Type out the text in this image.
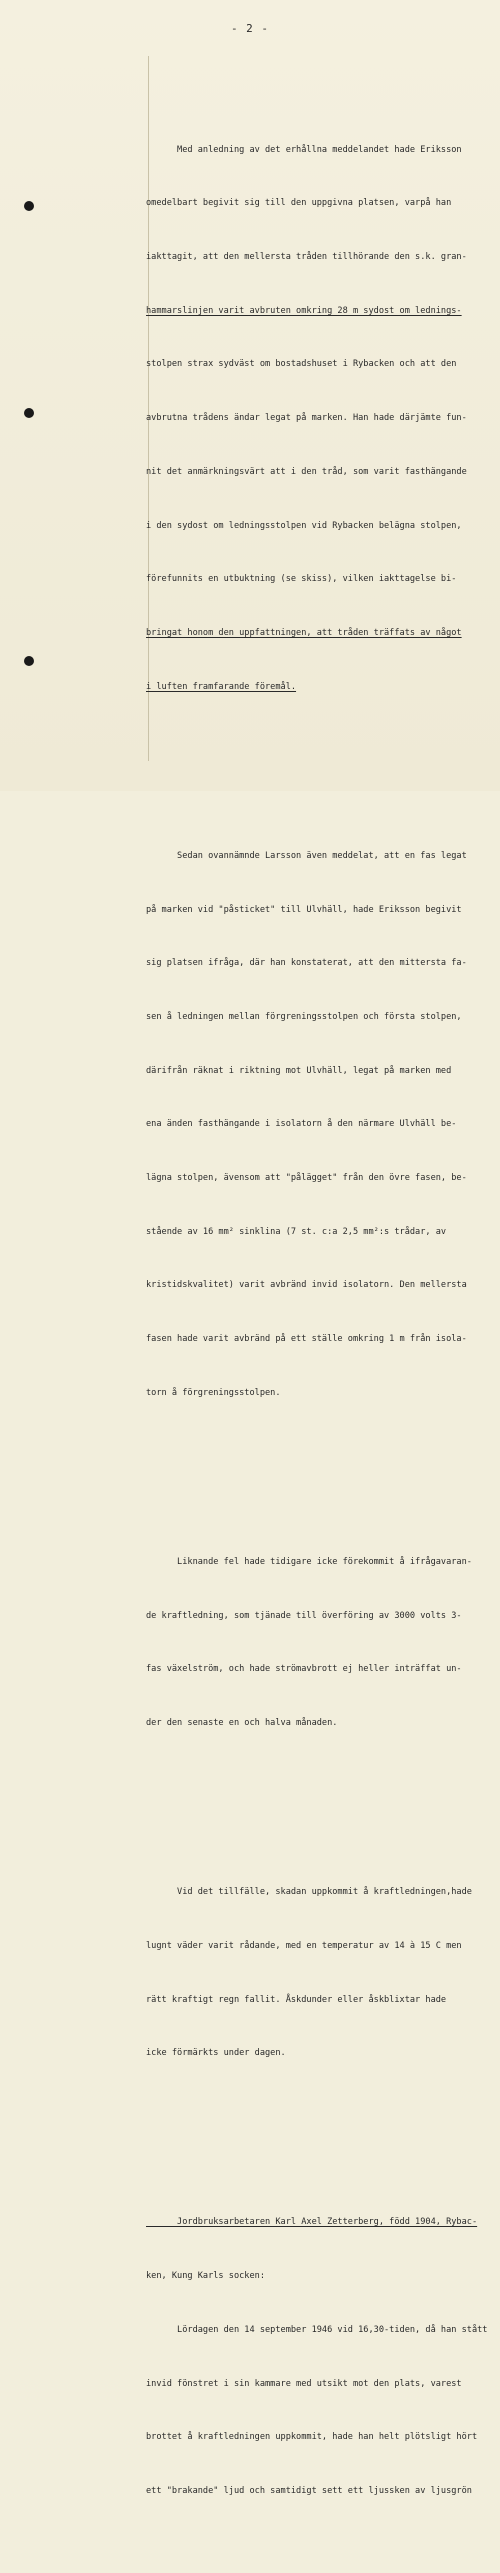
- 2 -

Med anledning av det erhållna meddelandet hade Eriksson

omedelbart begivit sig till den uppgivna platsen, varpå han

iakttagit, att den mellersta tråden tillhörande den s.k. gran-

hammarslinjen varit avbruten omkring 28 m sydost om lednings-

stolpen strax sydväst om bostadshuset i Rybacken och att den

avbrutna trådens ändar legat på marken. Han hade därjämte fun-

nit det anmärkningsvärt att i den tråd, som varit fasthängande

i den sydost om ledningsstolpen vid Rybacken belägna stolpen,

förefunnits en utbuktning (se skiss), vilken iakttagelse bi-

bringat honom den uppfattningen, att tråden träffats av något

i luften framfarande föremål.

Sedan ovannämnde Larsson även meddelat, att en fas legat

på marken vid "påsticket" till Ulvhäll, hade Eriksson begivit

sig platsen ifråga, där han konstaterat, att den mittersta fa-

sen å ledningen mellan förgreningsstolpen och första stolpen,

därifrån räknat i riktning mot Ulvhäll, legat på marken med

ena änden fasthängande i isolatorn å den närmare Ulvhäll be-

lägna stolpen, ävensom att "pålägget" från den övre fasen, be-

stående av 16 mm² sinklina (7 st. c:a 2,5 mm²:s trådar, av

kristidskvalitet) varit avbränd invid isolatorn. Den mellersta

fasen hade varit avbränd på ett ställe omkring 1 m från isola-

torn å förgreningsstolpen.

Liknande fel hade tidigare icke förekommit å ifrågavaran-

de kraftledning, som tjänade till överföring av 3000 volts 3-

fas växelström, och hade strömavbrott ej heller inträffat un-

der den senaste en och halva månaden.

Vid det tillfälle, skadan uppkommit å kraftledningen,hade

lugnt väder varit rådande, med en temperatur av 14 à 15 C men

rätt kraftigt regn fallit. Åskdunder eller åskblixtar hade

icke förmärkts under dagen.

Jordbruksarbetaren Karl Axel Zetterberg, född 1904, Rybac-

ken, Kung Karls socken:

Lördagen den 14 september 1946 vid 16,30-tiden, då han stått

invid fönstret i sin kammare med utsikt mot den plats, varest

brottet å kraftledningen uppkommit, hade han helt plötsligt hört

ett "brakande" ljud och samtidigt sett ett ljussken av ljusgrön
